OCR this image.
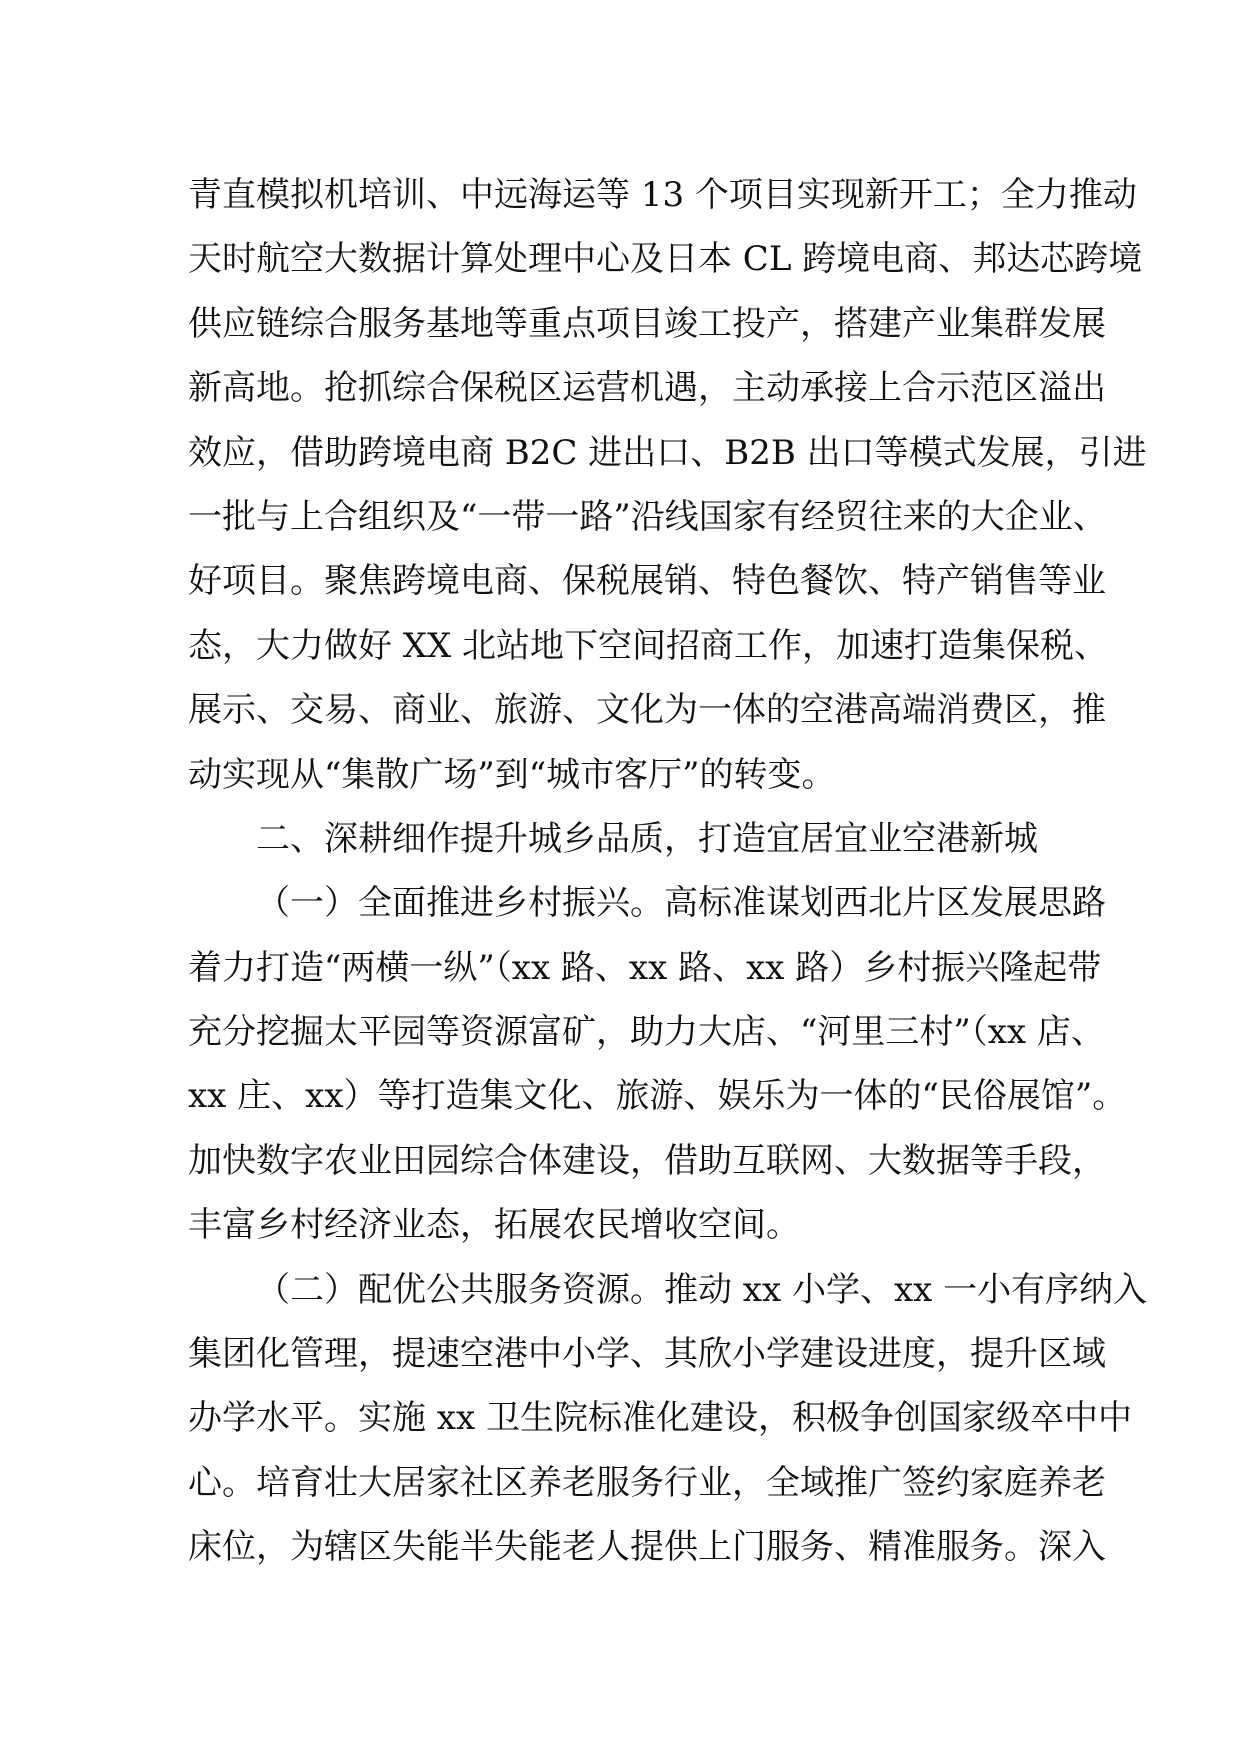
青直模拟机培训、中远海运等 13 个项目实现新开工；全力推动
天时航空大数据计算处理中心及日本 CL 跨境电商、邦达芯跨境
供应链综合服务基地等重点项目竣工投产，搭建产业集群发展
新高地。抢抓综合保税区运营机遇，主动承接上合示范区溢出
效应，借助跨境电商 B2C 进出口、B2B 出口等模式发展，引进
一批与上合组织及“一带一路”沿线国家有经贸往来的大企业、
好项目。聚焦跨境电商、保税展销、特色餐饮、特产销售等业
态，大力做好 XX 北站地下空间招商工作，加速打造集保税、
展示、交易、商业、旅游、文化为一体的空港高端消费区，推
动实现从“集散广场”到“城市客厅”的转变。
二、深耕细作提升城乡品质，打造宜居宜业空港新城
（一）全面推进乡村振兴。高标准谋划西北片区发展思路
着力打造“两横一纵”（xx 路、xx 路、xx 路）乡村振兴隆起带
充分挖掘太平园等资源富矿，助力大店、“河里三村”（xx 店、
xx 庄、xx）等打造集文化、旅游、娱乐为一体的“民俗展馆”。
加快数字农业田园综合体建设，借助互联网、大数据等手段，
丰富乡村经济业态，拓展农民增收空间。
（二）配优公共服务资源。推动 xx 小学、xx 一小有序纳入
集团化管理，提速空港中小学、其欣小学建设进度，提升区域
办学水平。实施 xx 卫生院标准化建设，积极争创国家级卒中中
心。培育壮大居家社区养老服务行业，全域推广签约家庭养老
床位，为辖区失能半失能老人提供上门服务、精准服务。深入
